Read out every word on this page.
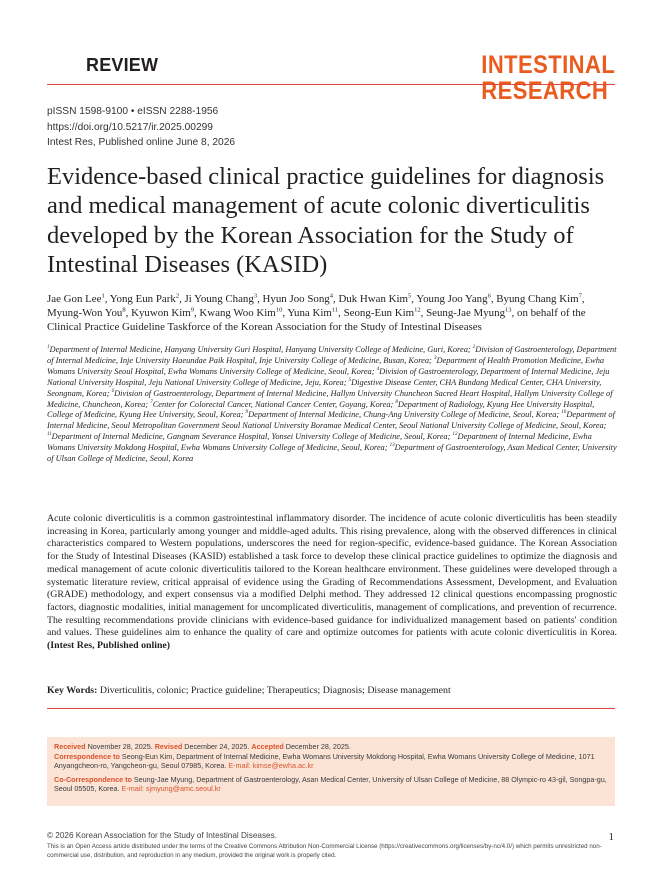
REVIEW	INTESTINAL
RESEARCH
pISSN 1598-9100 • eISSN 2288-1956
https://doi.org/10.5217/ir.2025.00299
Intest Res, Published online June 8, 2026
Evidence-based clinical practice guidelines for diagnosis and medical management of acute colonic diverticulitis developed by the Korean Association for the Study of Intestinal Diseases (KASID)
Jae Gon Lee$^1$, Yong Eun Park$^2$, Ji Young Chang$^3$, Hyun Joo Song$^4$, Duk Hwan Kim$^5$, Young Joo Yang$^6$, Byung Chang Kim$^7$, Myung-Won You$^8$, Kyuwon Kim$^9$, Kwang Woo Kim$^{10}$, Yuna Kim$^{11}$, Seong-Eun Kim$^{12}$, Seung-Jae Myung$^{13}$, on behalf of the Clinical Practice Guideline Taskforce of the Korean Association for the Study of Intestinal Diseases
$^1$Department of Internal Medicine, Hanyang University Guri Hospital, Hanyang University College of Medicine, Guri, Korea; $^2$Division of Gastroenterology, Department of Internal Medicine, Inje University Haeundae Paik Hospital, Inje University College of Medicine, Busan, Korea; $^3$Department of Health Promotion Medicine, Ewha Womans University Seoul Hospital, Ewha Womans University College of Medicine, Seoul, Korea; $^4$Division of Gastroenterology, Department of Internal Medicine, Jeju National University Hospital, Jeju National University College of Medicine, Jeju, Korea; $^5$Digestive Disease Center, CHA Bundang Medical Center, CHA University, Seongnam, Korea; $^6$Division of Gastroenterology, Department of Internal Medicine, Hallym University Chuncheon Sacred Heart Hospital, Hallym University College of Medicine, Chuncheon, Korea; $^7$Center for Colorectal Cancer, National Cancer Center, Goyang, Korea; $^8$Department of Radiology, Kyung Hee University Hospital, College of Medicine, Kyung Hee University, Seoul, Korea; $^9$Department of Internal Medicine, Chung-Ang University College of Medicine, Seoul, Korea; $^{10}$Department of Internal Medicine, Seoul Metropolitan Government Seoul National University Boramae Medical Center, Seoul National University College of Medicine, Seoul, Korea; $^{11}$Department of Internal Medicine, Gangnam Severance Hospital, Yonsei University College of Medicine, Seoul, Korea; $^{12}$Department of Internal Medicine, Ewha Womans University Mokdong Hospital, Ewha Womans University College of Medicine, Seoul, Korea; $^{13}$Department of Gastroenterology, Asan Medical Center, University of Ulsan College of Medicine, Seoul, Korea
Acute colonic diverticulitis is a common gastrointestinal inflammatory disorder. The incidence of acute colonic diverticulitis has been steadily increasing in Korea, particularly among younger and middle-aged adults. This rising prevalence, along with the observed differences in clinical characteristics compared to Western populations, underscores the need for region-specific, evidence-based guidance. The Korean Association for the Study of Intestinal Diseases (KASID) established a task force to develop these clinical practice guidelines to optimize the diagnosis and medical management of acute colonic diverticulitis tailored to the Korean healthcare environment. These guidelines were developed through a systematic literature review, critical appraisal of evidence using the Grading of Recommendations Assessment, Development, and Evaluation (GRADE) methodology, and expert consensus via a modified Delphi method. They addressed 12 clinical questions encompassing prognostic factors, diagnostic modalities, initial management for uncomplicated diverticulitis, management of complications, and prevention of recurrence. The resulting recommendations provide clinicians with evidence-based guidance for individualized management based on patients' condition and values. These guidelines aim to enhance the quality of care and optimize outcomes for patients with acute colonic diverticulitis in Korea. (Intest Res, Published online)
Key Words: Diverticulitis, colonic; Practice guideline; Therapeutics; Diagnosis; Disease management

Received November 28, 2025. Revised December 24, 2025. Accepted December 28, 2025.
Correspondence to Seong-Eun Kim, Department of Internal Medicine, Ewha Womans University Mokdong Hospital, Ewha Womans University College of Medicine, 1071 Anyangcheon-ro, Yangcheon-gu, Seoul 07985, Korea. E-mail: kimse@ewha.ac.kr

Co-Correspondence to Seung-Jae Myung, Department of Gastroenterology, Asan Medical Center, University of Ulsan College of Medicine, 88 Olympic-ro 43-gil, Songpa-gu, Seoul 05505, Korea. E-mail: sjmyung@amc.seoul.kr

© 2026 Korean Association for the Study of Intestinal Diseases.
This is an Open Access article distributed under the terms of the Creative Commons Attribution Non-Commercial License (https://creativecommons.org/licenses/by-nc/4.0/) which permits unrestricted non-commercial use, distribution, and reproduction in any medium, provided the original work is properly cited.
1
